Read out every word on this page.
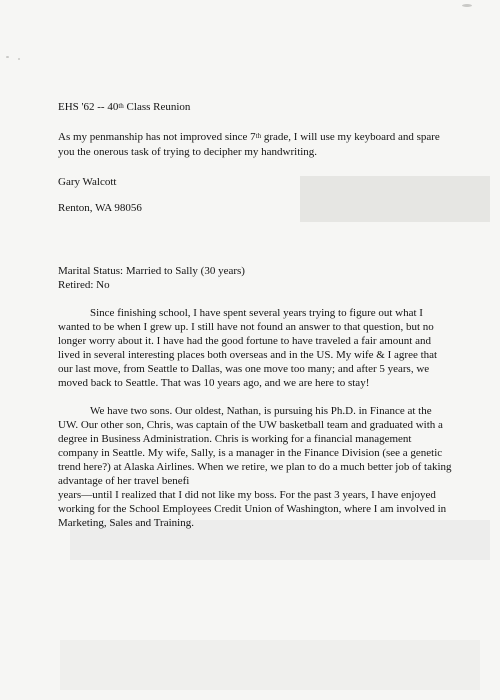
EHS '62 -- 40th Class Reunion
As my penmanship has not improved since 7th grade, I will use my keyboard and spare
you the onerous task of trying to decipher my handwriting.
Gary Walcott
Renton, WA 98056
Marital Status: Married to Sally (30 years)
Retired: No
Since finishing school, I have spent several years trying to figure out what I
wanted to be when I grew up. I still have not found an answer to that question, but no
longer worry about it. I have had the good fortune to have traveled a fair amount and
lived in several interesting places both overseas and in the US. My wife & I agree that
our last move, from Seattle to Dallas, was one move too many; and after 5 years, we
moved back to Seattle. That was 10 years ago, and we are here to stay!
We have two sons. Our oldest, Nathan, is pursuing his Ph.D. in Finance at the
UW. Our other son, Chris, was captain of the UW basketball team and graduated with a
degree in Business Administration. Chris is working for a financial management
company in Seattle. My wife, Sally, is a manager in the Finance Division (see a genetic
trend here?) at Alaska Airlines. When we retire, we plan to do a much better job of taking
advantage of her travel benefi
years—until I realized that I did not like my boss. For the past 3 years, I have enjoyed
working for the School Employees Credit Union of Washington, where I am involved in
Marketing, Sales and Training.
